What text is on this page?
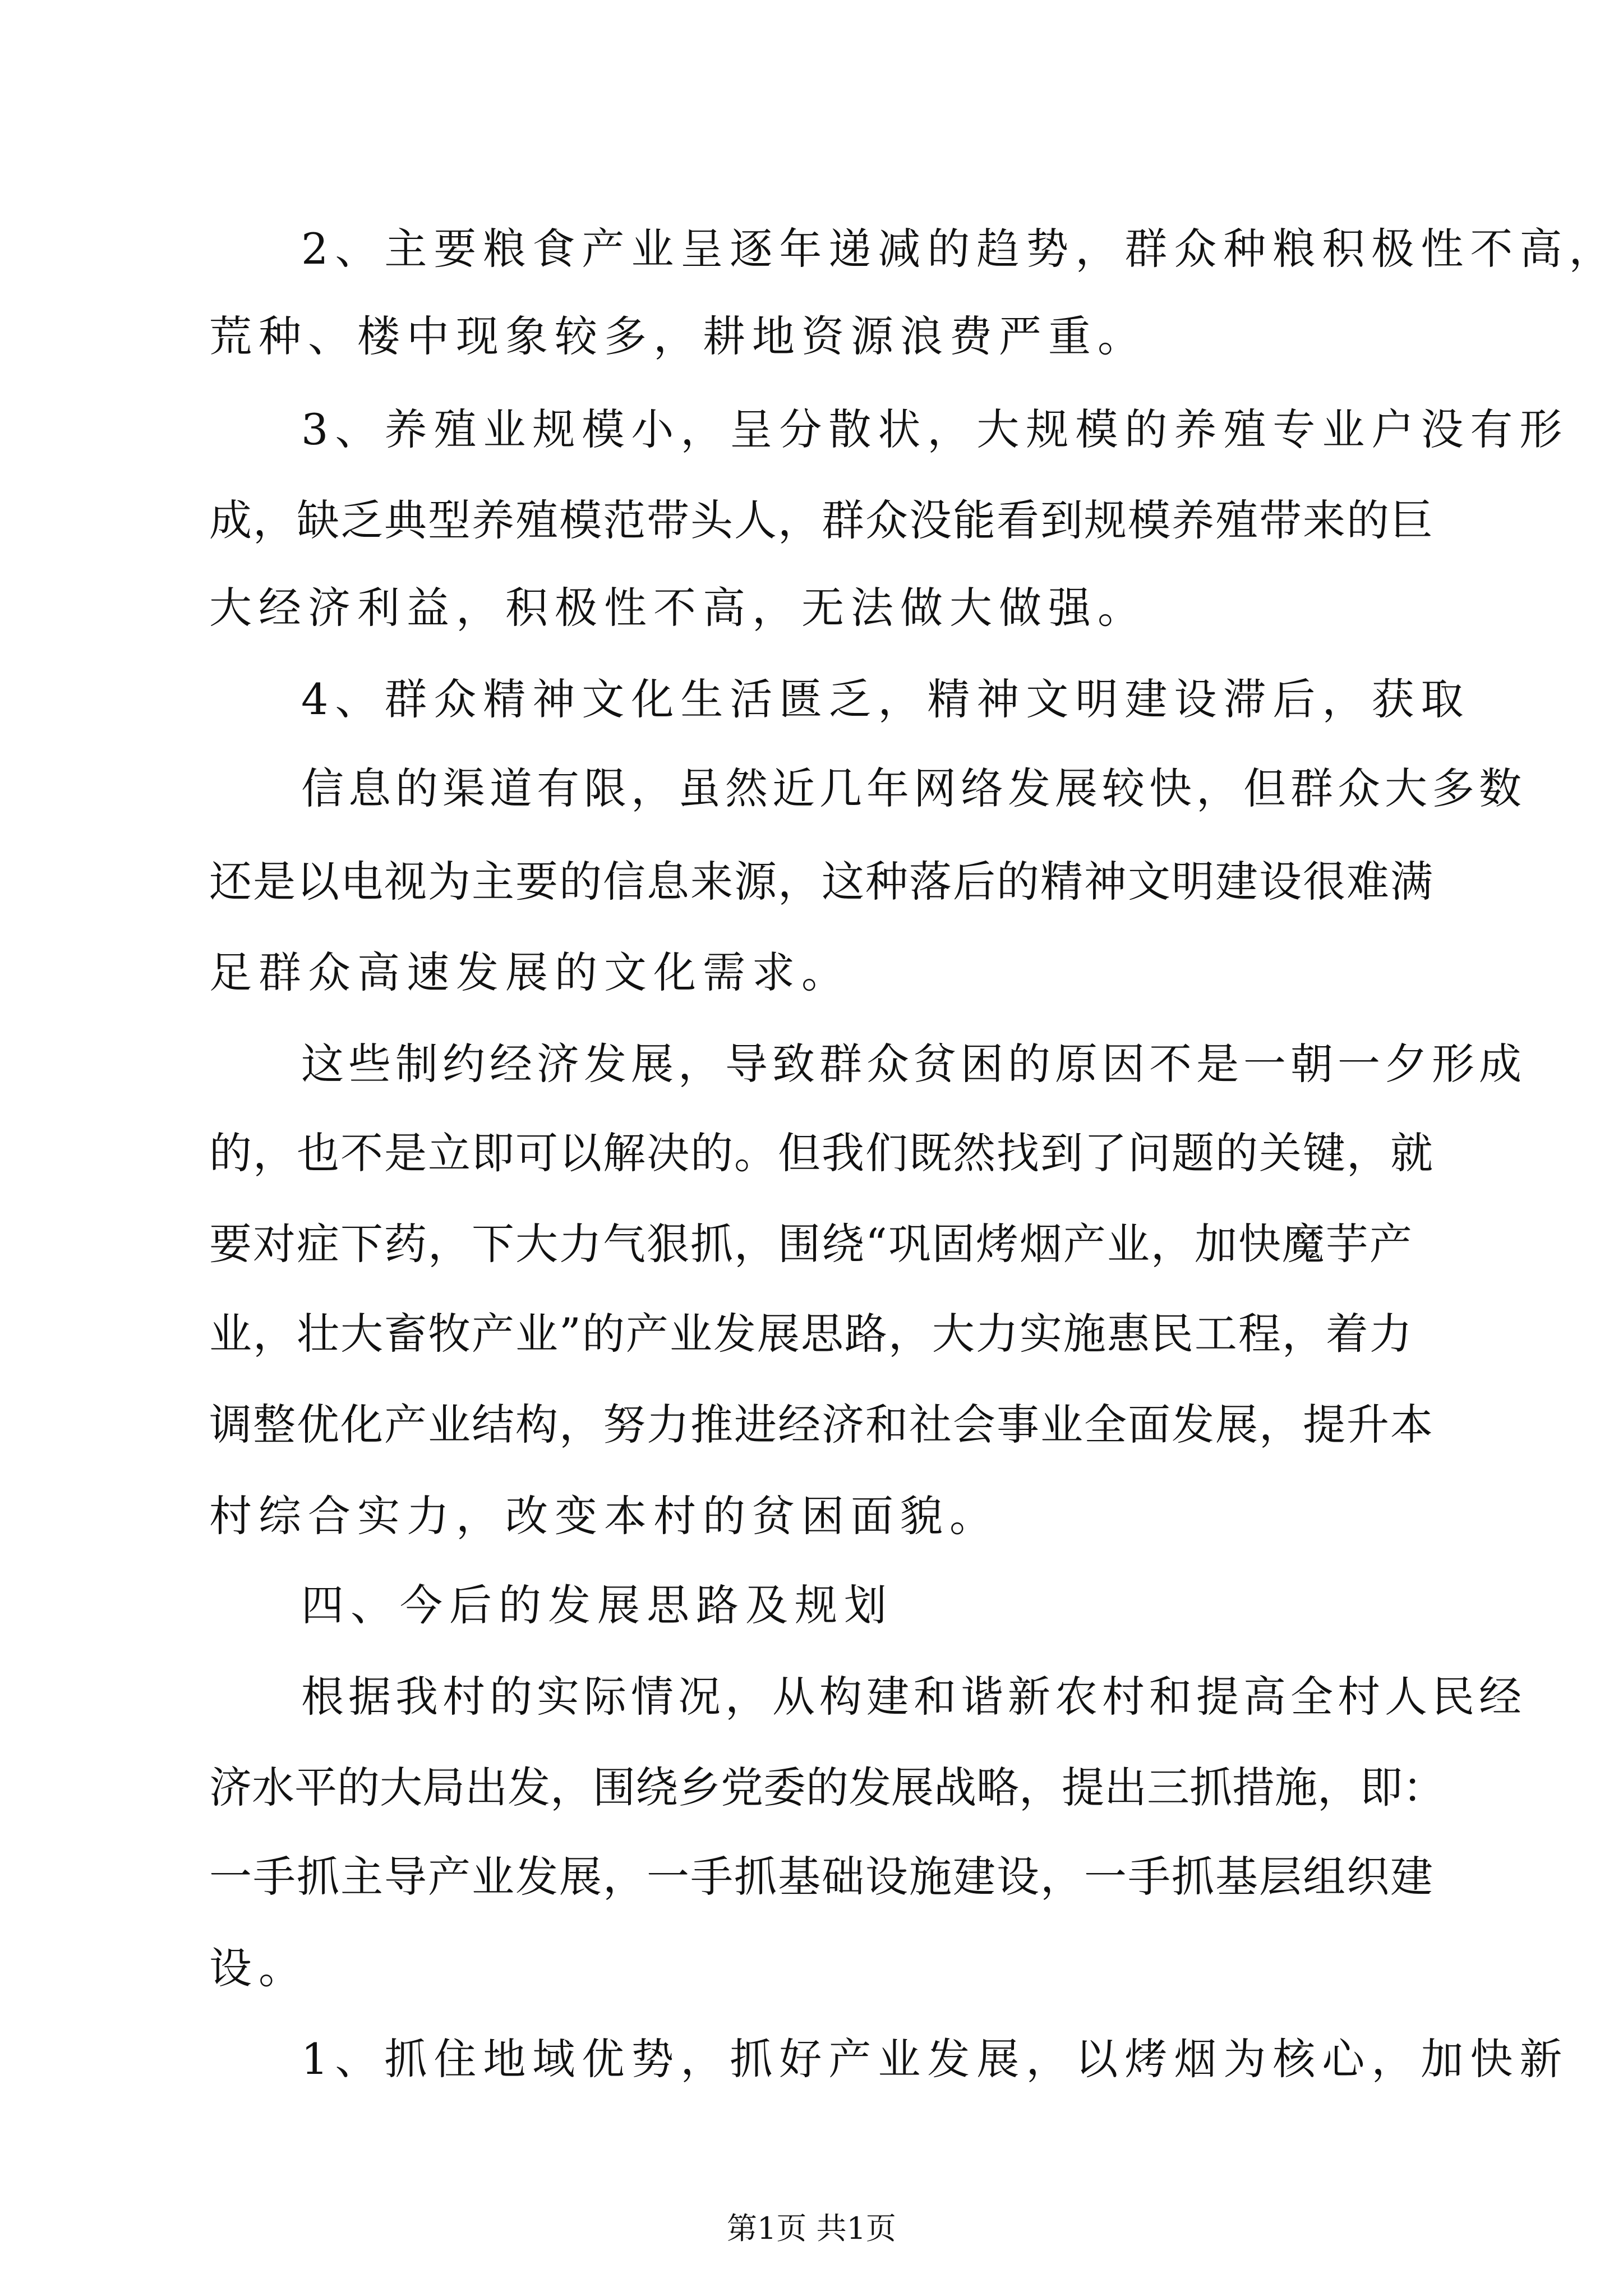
2、主要粮食产业呈逐年递减的趋势，群众种粮积极性不高，
荒种、楼中现象较多，耕地资源浪费严重。
3、养殖业规模小，呈分散状，大规模的养殖专业户没有形
成，缺乏典型养殖模范带头人，群众没能看到规模养殖带来的巨
大经济利益，积极性不高，无法做大做强。
4、群众精神文化生活匮乏，精神文明建设滞后，获取
信息的渠道有限，虽然近几年网络发展较快，但群众大多数
还是以电视为主要的信息来源，这种落后的精神文明建设很难满
足群众高速发展的文化需求。
这些制约经济发展，导致群众贫困的原因不是一朝一夕形成
的，也不是立即可以解决的。但我们既然找到了问题的关键，就
要对症下药，下大力气狠抓，围绕“巩固烤烟产业，加快魔芋产
业，壮大畜牧产业”的产业发展思路，大力实施惠民工程，着力
调整优化产业结构，努力推进经济和社会事业全面发展，提升本
村综合实力，改变本村的贫困面貌。
四、今后的发展思路及规划
根据我村的实际情况，从构建和谐新农村和提高全村人民经
济水平的大局出发，围绕乡党委的发展战略，提出三抓措施，即：
一手抓主导产业发展，一手抓基础设施建设，一手抓基层组织建
设。
1、抓住地域优势，抓好产业发展，以烤烟为核心，加快新
第1页 共1页
